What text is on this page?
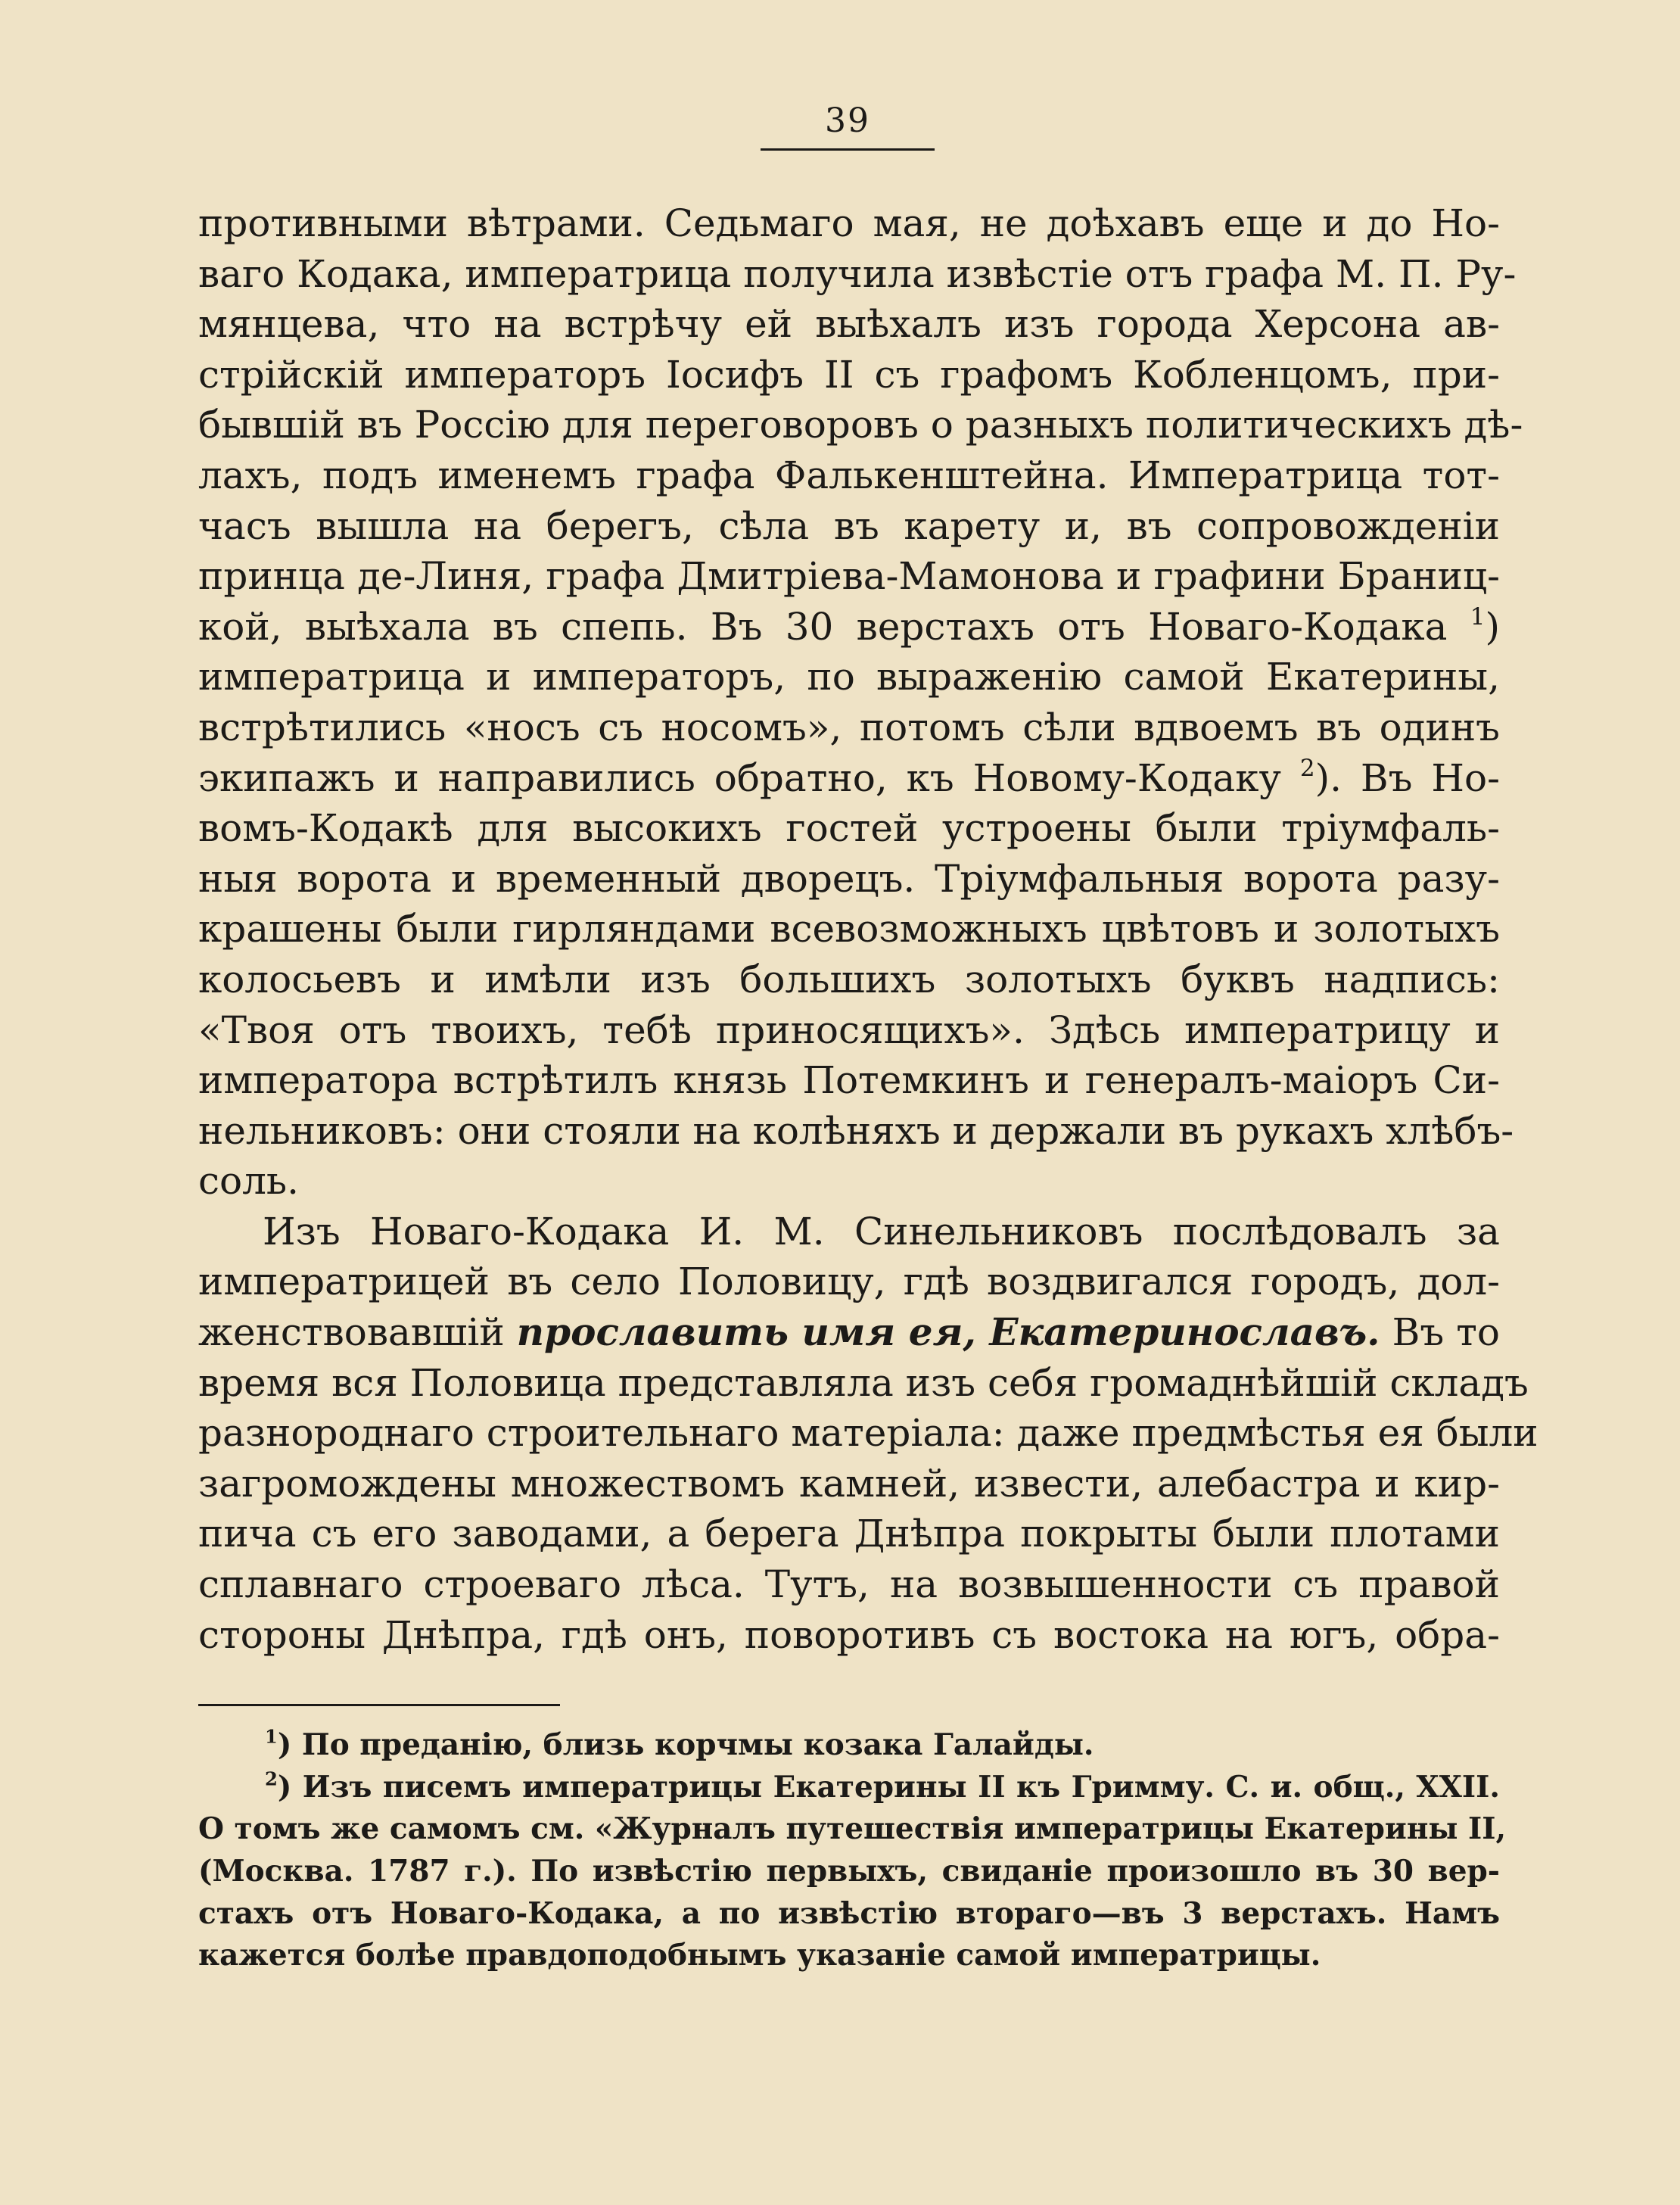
39
противными вѣтрами. Седьмаго мая, не доѣхавъ еще и до Но-
ваго Кодака, императрица получила извѣстіе отъ графа М. П. Ру-
мянцева, что на встрѣчу ей выѣхалъ изъ города Херсона ав-
стрійскій императоръ Іосифъ II съ графомъ Кобленцомъ, при-
бывшій въ Россію для переговоровъ о разныхъ политическихъ дѣ-
лахъ, подъ именемъ графа Фалькенштейна. Императрица тот-
часъ вышла на берегъ, сѣла въ карету и, въ сопровожденіи
принца де-Линя, графа Дмитріева-Мамонова и графини Браниц-
кой, выѣхала въ спепь. Въ 30 верстахъ отъ Новаго-Кодака $^1$)
императрица и императоръ, по выраженію самой Екатерины,
встрѣтились «носъ съ носомъ», потомъ сѣли вдвоемъ въ одинъ
экипажъ и направились обратно, къ Новому-Кодаку $^2$). Въ Но-
вомъ-Кодакѣ для высокихъ гостей устроены были тріумфаль-
ныя ворота и временный дворецъ. Тріумфальныя ворота разу-
крашены были гирляндами всевозможныхъ цвѣтовъ и золотыхъ
колосьевъ и имѣли изъ большихъ золотыхъ буквъ надпись:
«Твоя отъ твоихъ, тебѣ приносящихъ». Здѣсь императрицу и
императора встрѣтилъ князь Потемкинъ и генералъ-маіоръ Си-
нельниковъ: они стояли на колѣняхъ и держали въ рукахъ хлѣбъ-
соль.
Изъ Новаго-Кодака И. М. Синельниковъ послѣдовалъ за
императрицей въ село Половицу, гдѣ воздвигался городъ, дол-
женствовавшій прославить имя ея, Екатеринославъ. Въ то
время вся Половица представляла изъ себя громаднѣйшій складъ
разнороднаго строительнаго матеріала: даже предмѣстья ея были
загромождены множествомъ камней, извести, алебастра и кир-
пича съ его заводами, а берега Днѣпра покрыты были плотами
сплавнаго строеваго лѣса. Тутъ, на возвышенности съ правой
стороны Днѣпра, гдѣ онъ, поворотивъ съ востока на югъ, обра-
$^1$) По преданію, близь корчмы козака Галайды.
$^2$) Изъ писемъ императрицы Екатерины II къ Гримму. С. и. общ., XXII.
О томъ же самомъ см. «Журналъ путешествія императрицы Екатерины II,
(Москва. 1787 г.). По извѣстію первыхъ, свиданіе произошло въ 30 вер-
стахъ отъ Новаго-Кодака, а по извѣстію втораго—въ 3 верстахъ. Намъ
кажется болѣе правдоподобнымъ указаніе самой императрицы.
